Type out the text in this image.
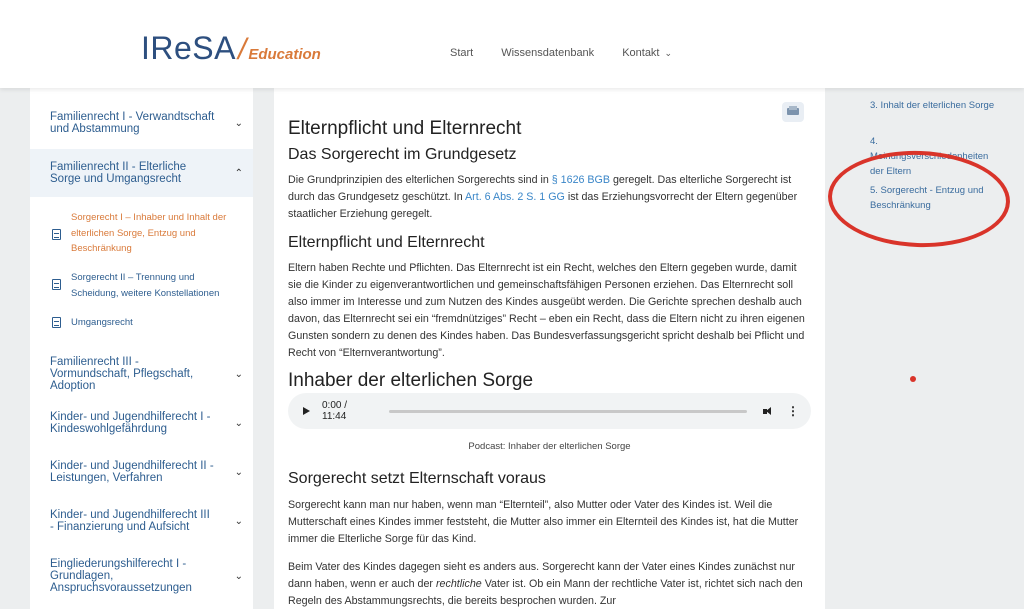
IReSA / Education	Start	Wissensdatenbank	Kontakt ⌄
Familienrecht I - Verwandtschaft und Abstammung	⌄
Familienrecht II - Elterliche Sorge und Umgangsrecht	⌃
Sorgerecht I – Inhaber und Inhalt der elterlichen Sorge, Entzug und Beschränkung
Sorgerecht II – Trennung und Scheidung, weitere Konstellationen
Umgangsrecht
Familienrecht III - Vormundschaft, Pflegschaft, Adoption
⌄
Kinder- und Jugendhilferecht I - Kindeswohlgefährdung	⌄
Kinder- und Jugendhilferecht II - Leistungen, Verfahren	⌄
Kinder- und Jugendhilferecht III - Finanzierung und Aufsicht	⌄
Eingliederungshilferecht I - Grundlagen, Anspruchsvoraussetzungen
⌄
Elternpflicht und Elternrecht
Das Sorgerecht im Grundgesetz
Die Grundprinzipien des elterlichen Sorgerechts sind in § 1626 BGB geregelt. Das elterliche Sorgerecht ist durch das Grundgesetz geschützt. In Art. 6 Abs. 2 S. 1 GG ist das Erziehungsvorrecht der Eltern gegenüber staatlicher Erziehung geregelt.
Elternpflicht und Elternrecht
Eltern haben Rechte und Pflichten. Das Elternrecht ist ein Recht, welches den Eltern gegeben wurde, damit sie die Kinder zu eigenverantwortlichen und gemeinschaftsfähigen Personen erziehen. Das Elternrecht soll also immer im Interesse und zum Nutzen des Kindes ausgeübt werden. Die Gerichte sprechen deshalb auch davon, das Elternrecht sei ein “fremdnütziges” Recht – eben ein Recht, dass die Eltern nicht zu ihren eigenen Gunsten sondern zu denen des Kindes haben. Das Bundesverfassungsgericht spricht deshalb bei Pflicht und Recht von “Elternverantwortung”.
Inhaber der elterlichen Sorge
0:00 / 11:44	⋮
Podcast: Inhaber der elterlichen Sorge
Sorgerecht setzt Elternschaft voraus
Sorgerecht kann man nur haben, wenn man “Elternteil”, also Mutter oder Vater des Kindes ist. Weil die Mutterschaft eines Kindes immer feststeht, die Mutter also immer ein Elternteil des Kindes ist, hat die Mutter immer die Elterliche Sorge für das Kind.
Beim Vater des Kindes dagegen sieht es anders aus. Sorgerecht kann der Vater eines Kindes zunächst nur dann haben, wenn er auch der rechtliche Vater ist. Ob ein Mann der rechtliche Vater ist, richtet sich nach den Regeln des Abstammungsrechts, die bereits besprochen wurden. Zur
3. Inhalt der elterlichen Sorge
4.
Meinungsverschiedenheiten der Eltern
5. Sorgerecht - Entzug und Beschränkung
